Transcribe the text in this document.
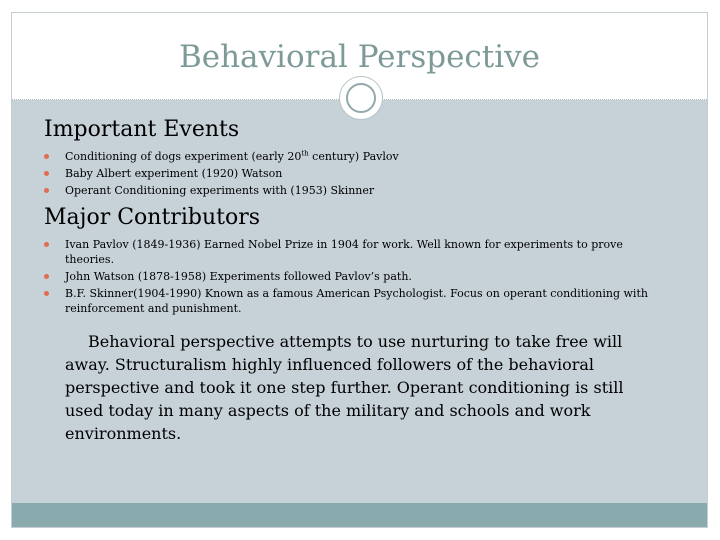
Behavioral Perspective
Important Events
Conditioning of dogs experiment (early 20th century) Pavlov
Baby Albert experiment (1920) Watson
Operant Conditioning experiments with (1953) Skinner
Major Contributors
Ivan Pavlov (1849-1936) Earned Nobel Prize in 1904 for work. Well known for experiments to prove theories.
John Watson (1878-1958) Experiments followed Pavlov’s path.
B.F. Skinner(1904-1990) Known as a famous American Psychologist. Focus on operant conditioning with reinforcement and punishment.

Behavioral perspective attempts to use nurturing to take free will away. Structuralism highly influenced followers of the behavioral perspective and took it one step further. Operant conditioning is still used today in many aspects of the military and schools and work environments.
